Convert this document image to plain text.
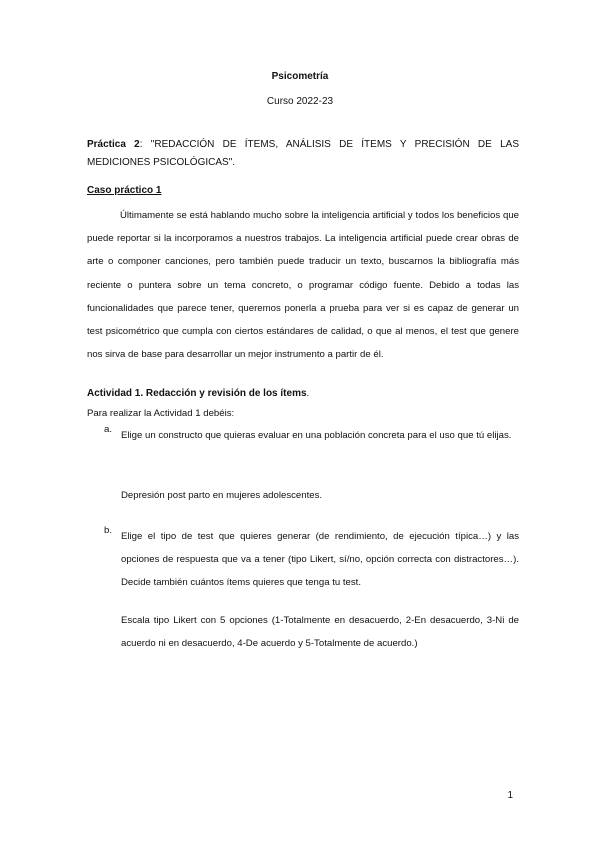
Psicometría
Curso 2022-23
Práctica 2: "REDACCIÓN DE ÍTEMS, ANÁLISIS DE ÍTEMS Y PRECISIÓN DE LAS MEDICIONES PSICOLÓGICAS".
Caso práctico 1
Últimamente se está hablando mucho sobre la inteligencia artificial y todos los beneficios que puede reportar si la incorporamos a nuestros trabajos. La inteligencia artificial puede crear obras de arte o componer canciones, pero también puede traducir un texto, buscarnos la bibliografía más reciente o puntera sobre un tema concreto, o programar código fuente. Debido a todas las funcionalidades que parece tener, queremos ponerla a prueba para ver si es capaz de generar un test psicométrico que cumpla con ciertos estándares de calidad, o que al menos, el test que genere nos sirva de base para desarrollar un mejor instrumento a partir de él.
Actividad 1. Redacción y revisión de los ítems.
Para realizar la Actividad 1 debéis:
a.
Elige un constructo que quieras evaluar en una población concreta para el uso que tú elijas.
Depresión post parto en mujeres adolescentes.
b.
Elige el tipo de test que quieres generar (de rendimiento, de ejecución típica…) y las opciones de respuesta que va a tener (tipo Likert, sí/no, opción correcta con distractores…). Decide también cuántos ítems quieres que tenga tu test.
Escala tipo Likert con 5 opciones (1-Totalmente en desacuerdo, 2-En desacuerdo, 3-Ni de acuerdo ni en desacuerdo, 4-De acuerdo y 5-Totalmente de acuerdo.)
1
